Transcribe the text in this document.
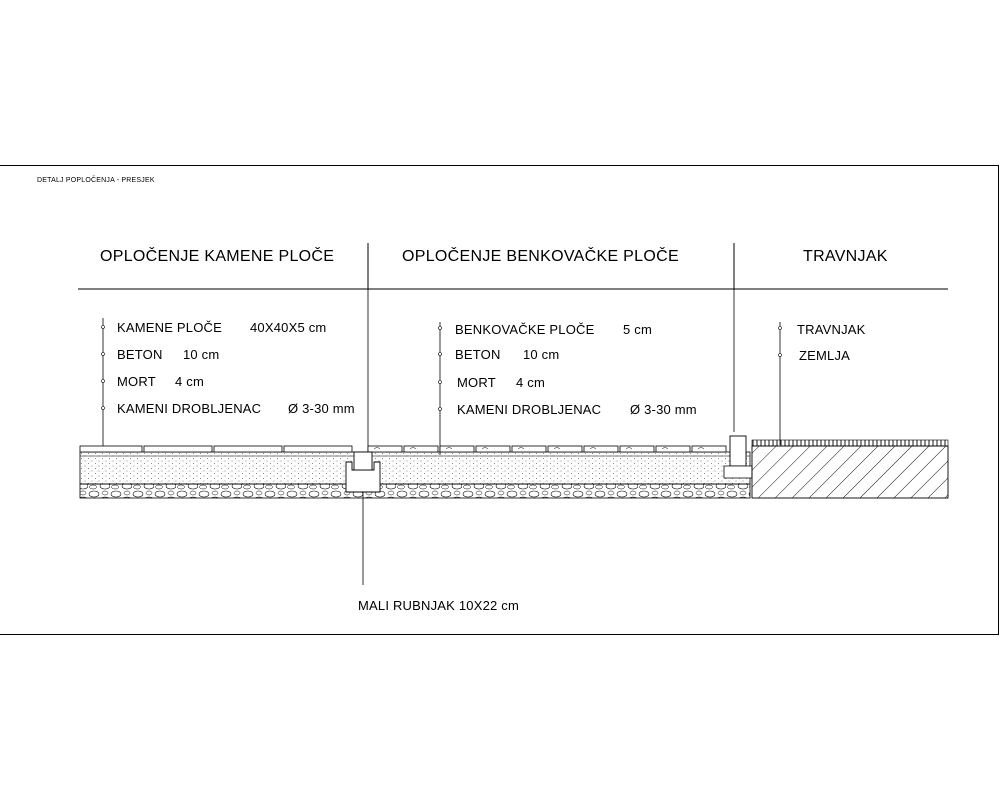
DETALJ POPLOČENJA - PRESJEK
OPLOČENJE KAMENE PLOČE	OPLOČENJE BENKOVAČKE PLOČE	TRAVNJAK
KAMENE PLOČE 40X40X5 cm
BETON 10 cm
MORT 4 cm
KAMENI DROBLJENAC Ø 3-30 mm
BENKOVAČKE PLOČE 5 cm
BETON 10 cm
MORT 4 cm
KAMENI DROBLJENAC Ø 3-30 mm
TRAVNJAK
ZEMLJA
MALI RUBNJAK 10X22 cm
